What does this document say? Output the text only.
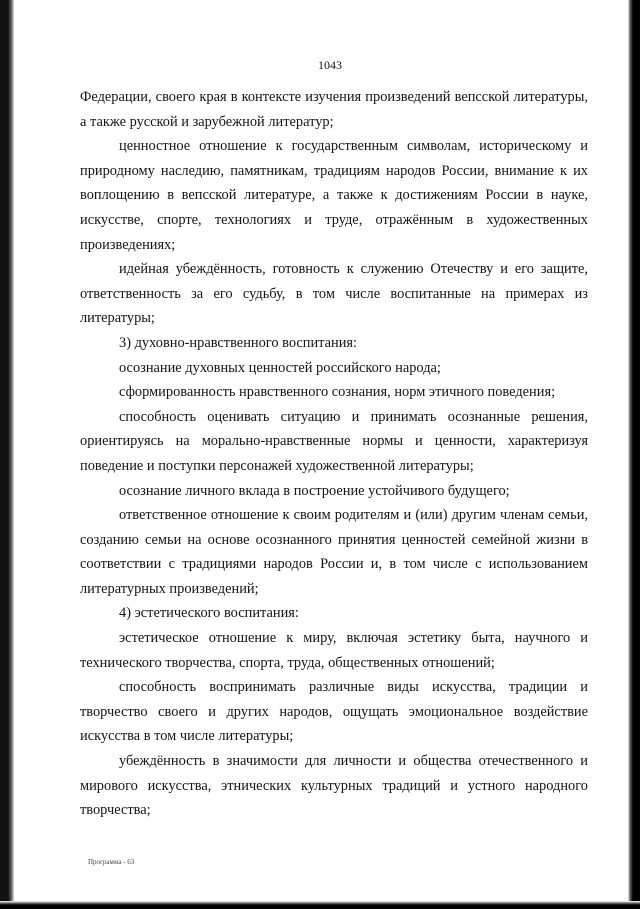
1043

Федерации, своего края в контексте изучения произведений вепсской литературы, а также русской и зарубежной литератур;

ценностное отношение к государственным символам, историческому и природному наследию, памятникам, традициям народов России, внимание к их воплощению в вепсской литературе, а также к достижениям России в науке, искусстве, спорте, технологиях и труде, отражённым в художественных произведениях;

идейная убеждённость, готовность к служению Отечеству и его защите, ответственность за его судьбу, в том числе воспитанные на примерах из литературы;

3) духовно-нравственного воспитания:

осознание духовных ценностей российского народа;

сформированность нравственного сознания, норм этичного поведения;

способность оценивать ситуацию и принимать осознанные решения, ориентируясь на морально-нравственные нормы и ценности, характеризуя поведение и поступки персонажей художественной литературы;

осознание личного вклада в построение устойчивого будущего;

ответственное отношение к своим родителям и (или) другим членам семьи, созданию семьи на основе осознанного принятия ценностей семейной жизни в соответствии с традициями народов России и, в том числе с использованием литературных произведений;

4) эстетического воспитания:

эстетическое отношение к миру, включая эстетику быта, научного и технического творчества, спорта, труда, общественных отношений;

способность воспринимать различные виды искусства, традиции и творчество своего и других народов, ощущать эмоциональное воздействие искусства в том числе литературы;

убеждённость в значимости для личности и общества отечественного и мирового искусства, этнических культурных традиций и устного народного творчества;

Программа - 63
